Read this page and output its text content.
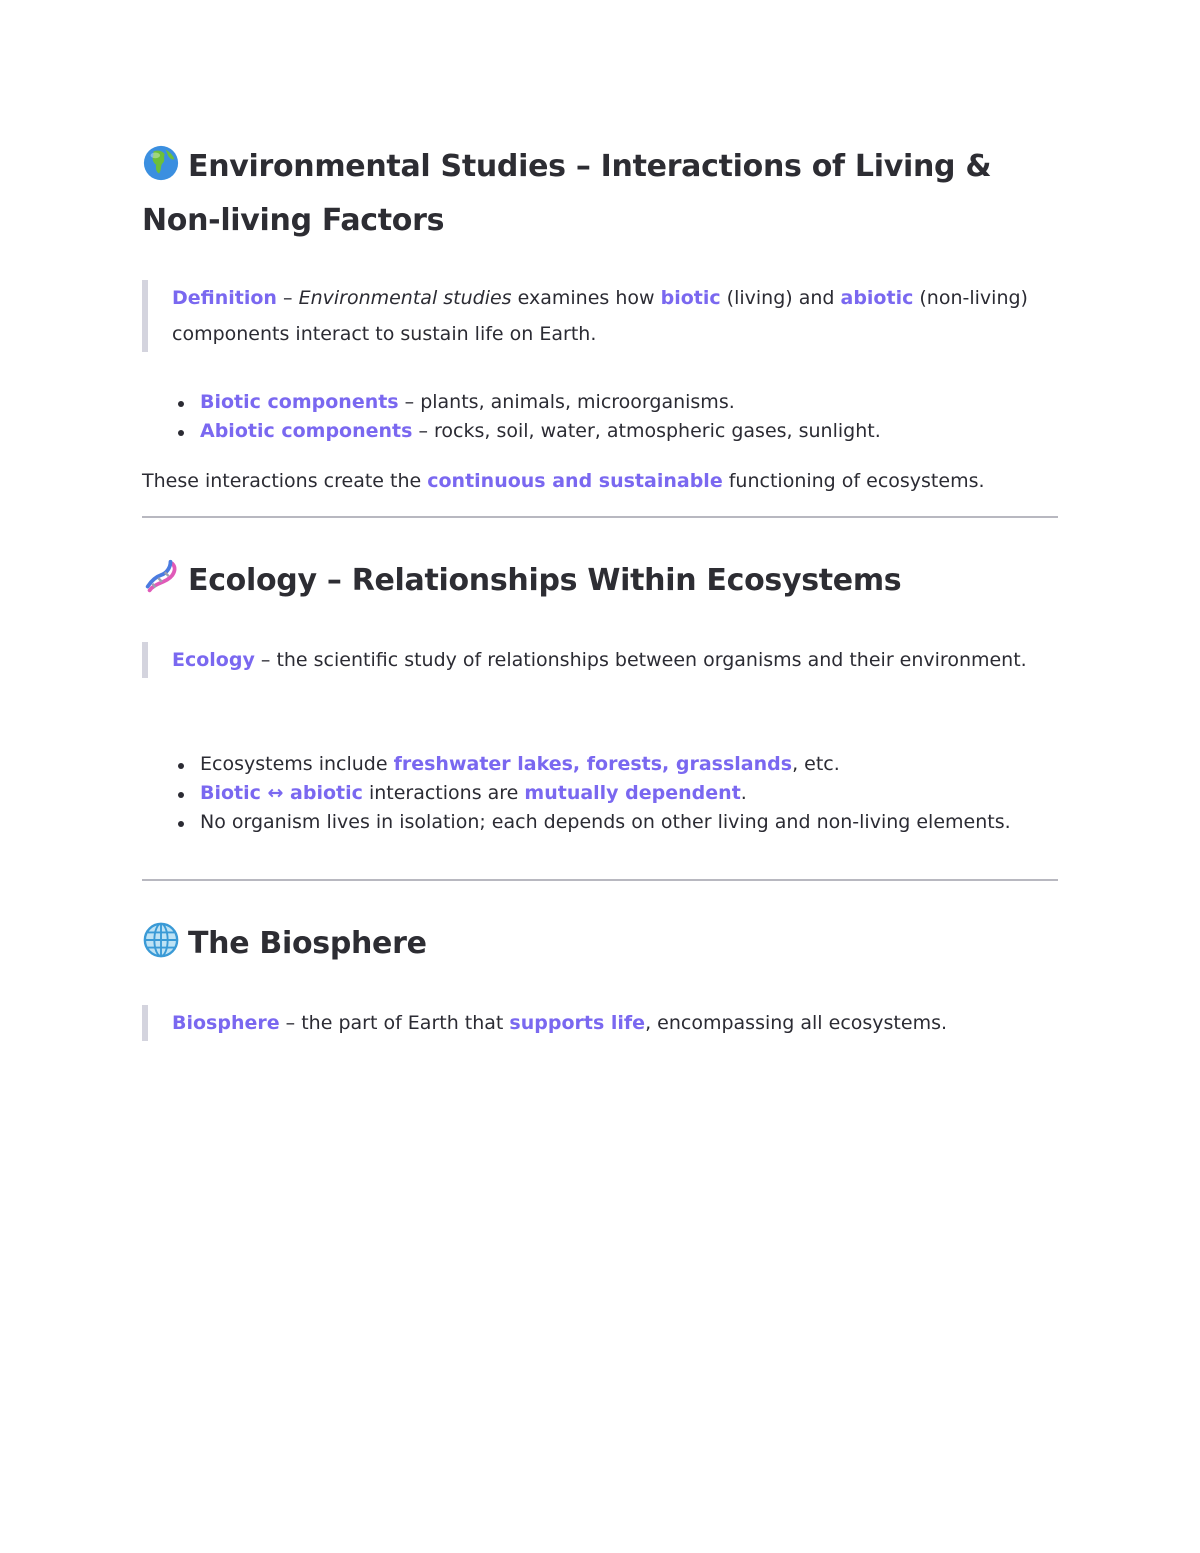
Environmental Studies – Interactions of Living & Non-living Factors
Definition – Environmental studies examines how biotic (living) and abiotic (non-living) components interact to sustain life on Earth.
Biotic components – plants, animals, microorganisms.
Abiotic components – rocks, soil, water, atmospheric gases, sunlight.
These interactions create the continuous and sustainable functioning of ecosystems.
Ecology – Relationships Within Ecosystems
Ecology – the scientific study of relationships between organisms and their environment.
Ecosystems include freshwater lakes, forests, grasslands, etc.
Biotic ↔ abiotic interactions are mutually dependent.
No organism lives in isolation; each depends on other living and non-living elements.
The Biosphere
Biosphere – the part of Earth that supports life, encompassing all ecosystems.
